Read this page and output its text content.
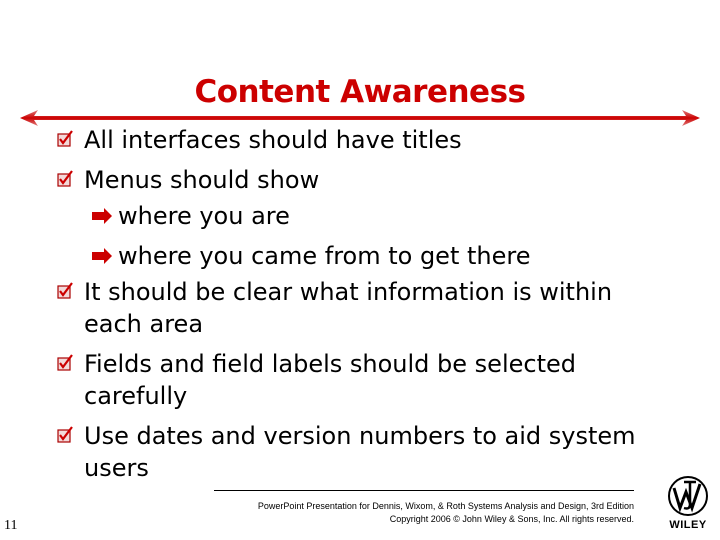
Content Awareness
All interfaces should have titles
Menus should show
where you are
where you came from to get there
It should be clear what information is within each area
Fields and field labels should be selected carefully
Use dates and version numbers to aid system users
PowerPoint Presentation for Dennis, Wixom, & Roth Systems Analysis and Design, 3rd Edition
Copyright 2006 © John Wiley & Sons, Inc. All rights reserved.
11	WILEY
